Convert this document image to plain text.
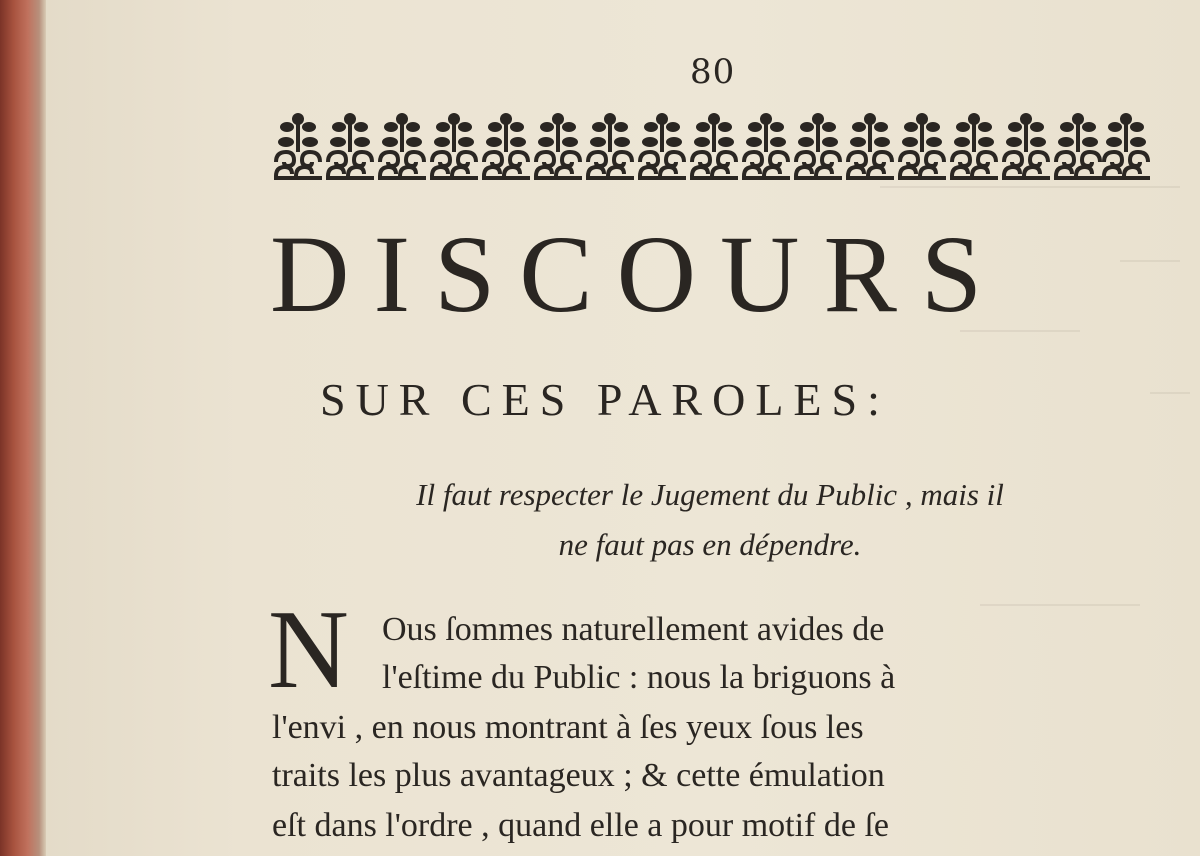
80
DISCOURS
SUR CES PAROLES:
Il faut respecter le Jugement du Public , mais il
ne faut pas en dépendre.
N Ous ſommes naturellement avides de
l'eſtime du Public : nous la briguons à
l'envi , en nous montrant à ſes yeux ſous les
traits les plus avantageux ; & cette émulation
eſt dans l'ordre , quand elle a pour motif de ſe
